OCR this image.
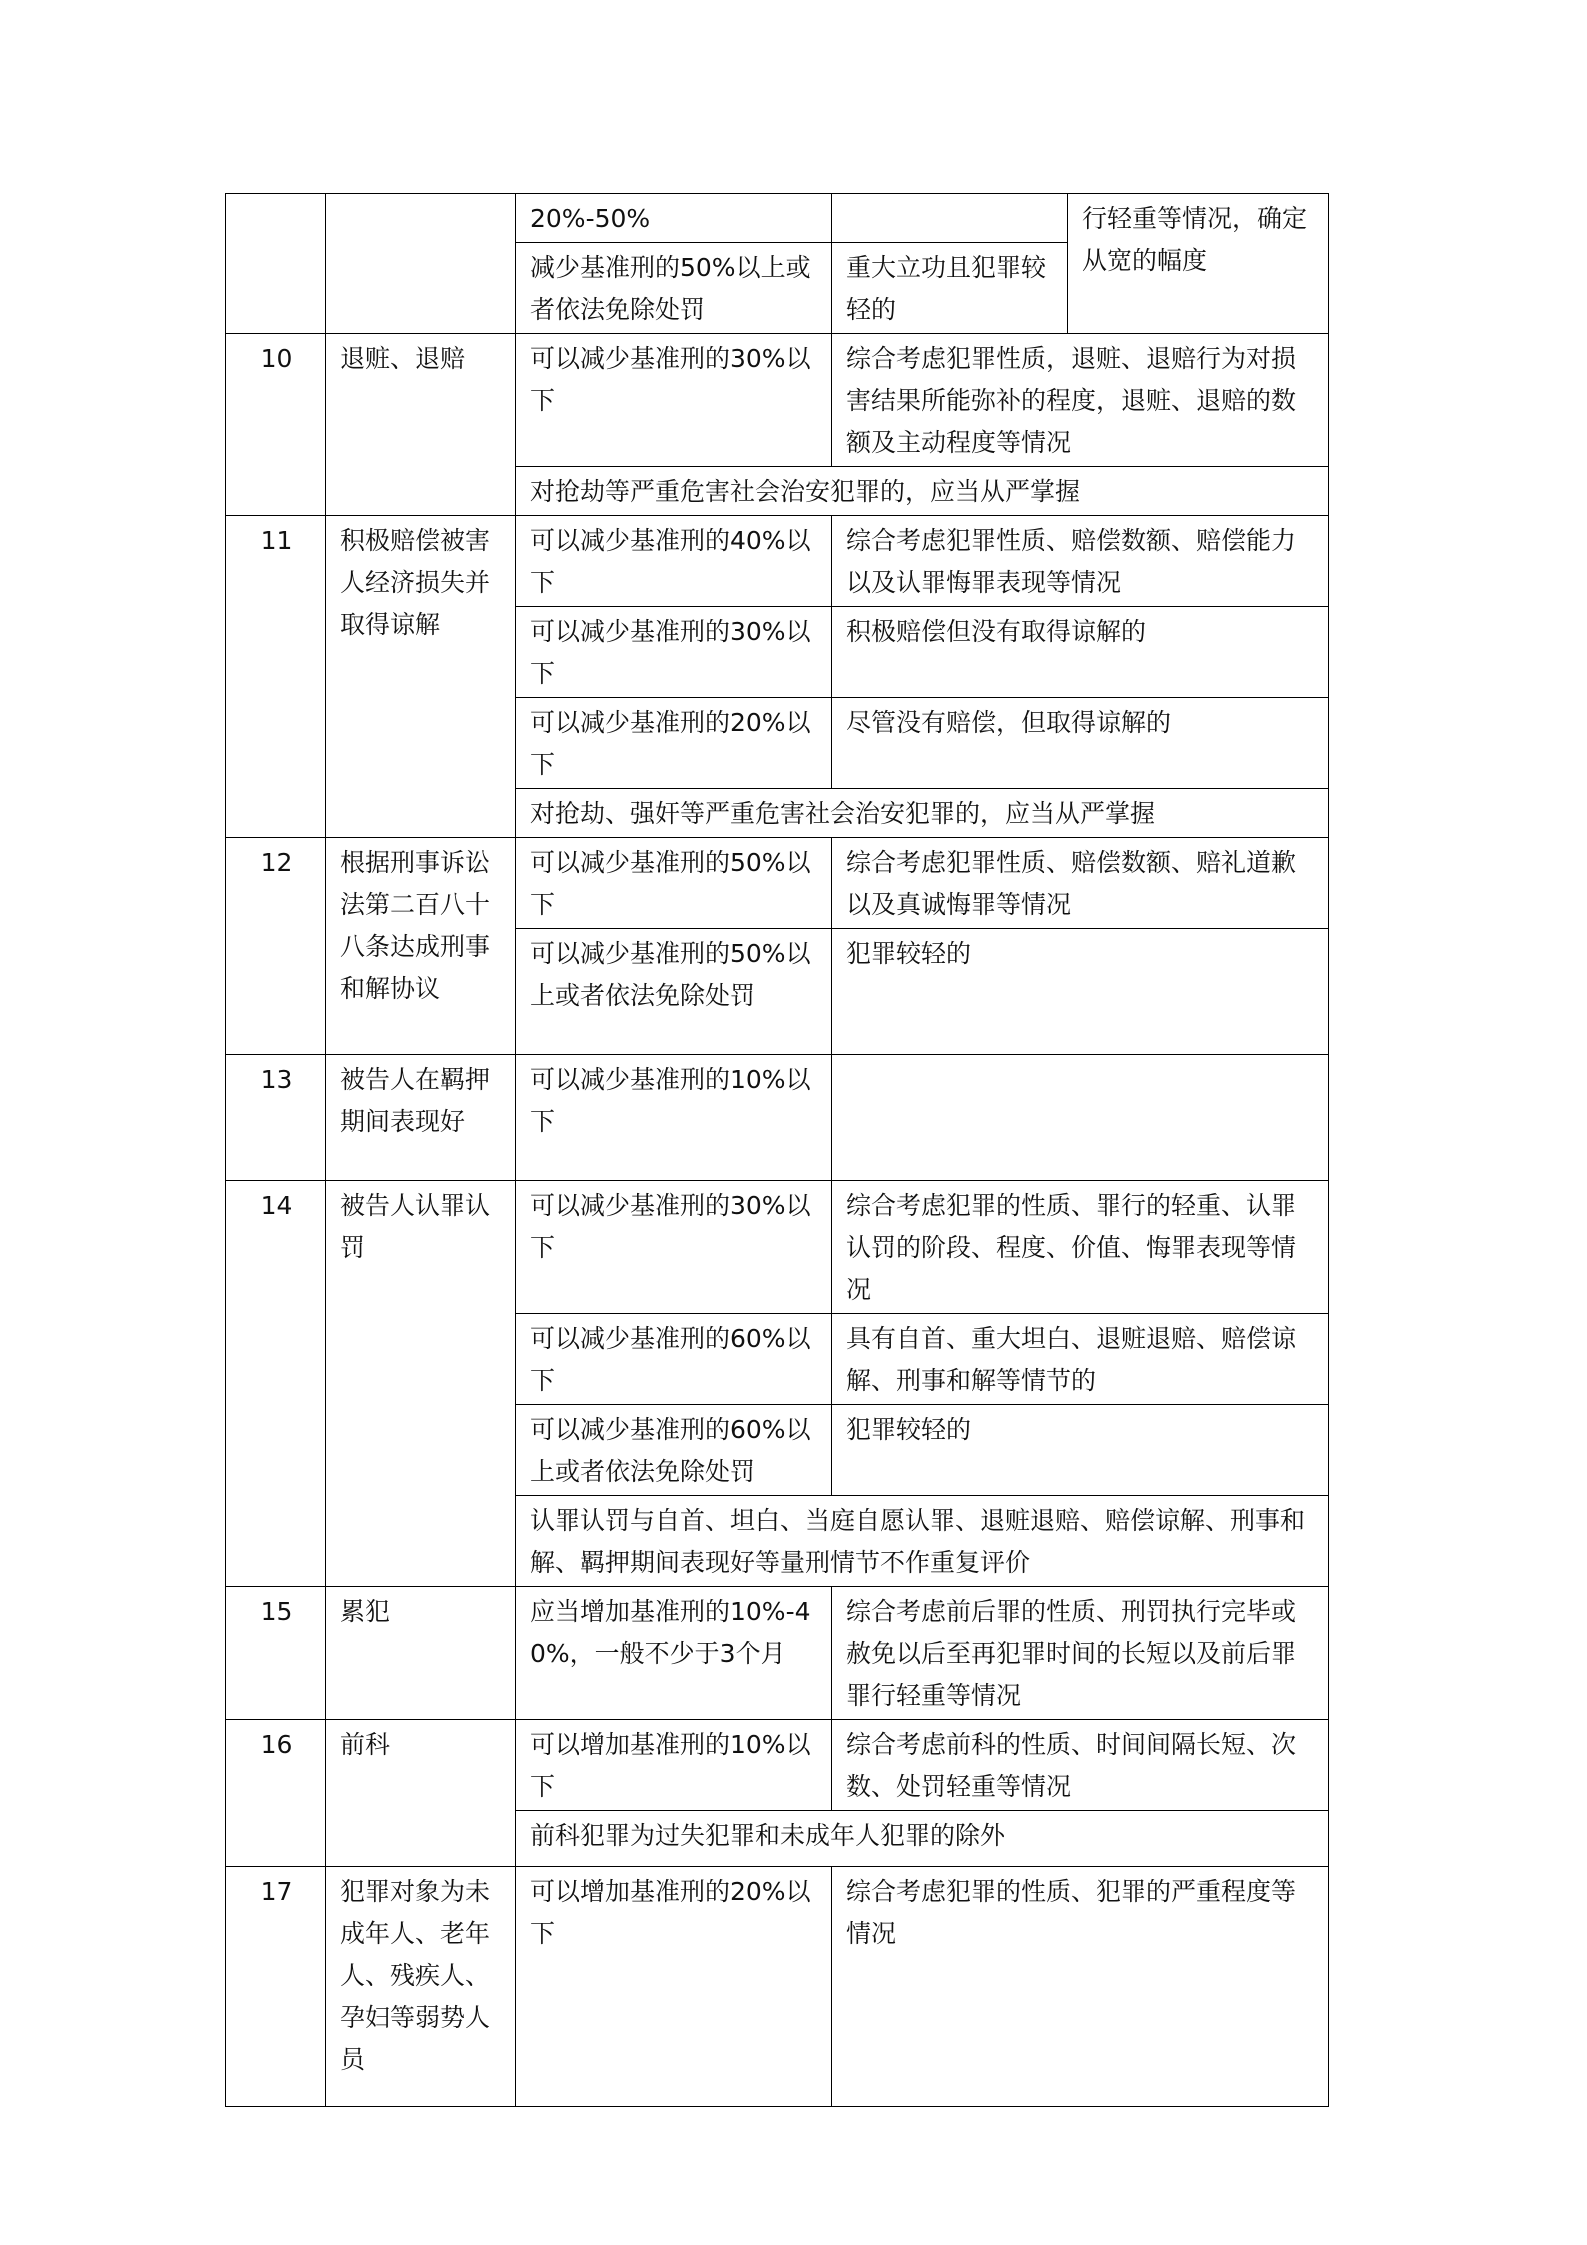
		20%-50%		行轻重等情况，确定从宽的幅度
		减少基准刑的50%以上或者依法免除处罚	重大立功且犯罪较轻的	
10	退赃、退赔	可以减少基准刑的30%以下	综合考虑犯罪性质，退赃、退赔行为对损害结果所能弥补的程度，退赃、退赔的数额及主动程度等情况	
		对抢劫等严重危害社会治安犯罪的，应当从严掌握		
11	积极赔偿被害人经济损失并取得谅解	可以减少基准刑的40%以下	综合考虑犯罪性质、赔偿数额、赔偿能力以及认罪悔罪表现等情况	
		可以减少基准刑的30%以下	积极赔偿但没有取得谅解的	
		可以减少基准刑的20%以下	尽管没有赔偿，但取得谅解的	
		对抢劫、强奸等严重危害社会治安犯罪的，应当从严掌握		
12	根据刑事诉讼法第二百八十八条达成刑事和解协议	可以减少基准刑的50%以下	综合考虑犯罪性质、赔偿数额、赔礼道歉以及真诚悔罪等情况	
		可以减少基准刑的50%以上或者依法免除处罚	犯罪较轻的	
13	被告人在羁押期间表现好	可以减少基准刑的10%以下		
14	被告人认罪认罚	可以减少基准刑的30%以下	综合考虑犯罪的性质、罪行的轻重、认罪认罚的阶段、程度、价值、悔罪表现等情况	
		可以减少基准刑的60%以下	具有自首、重大坦白、退赃退赔、赔偿谅解、刑事和解等情节的	
		可以减少基准刑的60%以上或者依法免除处罚	犯罪较轻的	
		认罪认罚与自首、坦白、当庭自愿认罪、退赃退赔、赔偿谅解、刑事和解、羁押期间表现好等量刑情节不作重复评价		
15	累犯	应当增加基准刑的10%-40%，一般不少于3个月	综合考虑前后罪的性质、刑罚执行完毕或赦免以后至再犯罪时间的长短以及前后罪罪行轻重等情况	
16	前科	可以增加基准刑的10%以下	综合考虑前科的性质、时间间隔长短、次数、处罚轻重等情况	
		前科犯罪为过失犯罪和未成年人犯罪的除外		
17	犯罪对象为未成年人、老年人、残疾人、孕妇等弱势人员	可以增加基准刑的20%以下	综合考虑犯罪的性质、犯罪的严重程度等情况	
